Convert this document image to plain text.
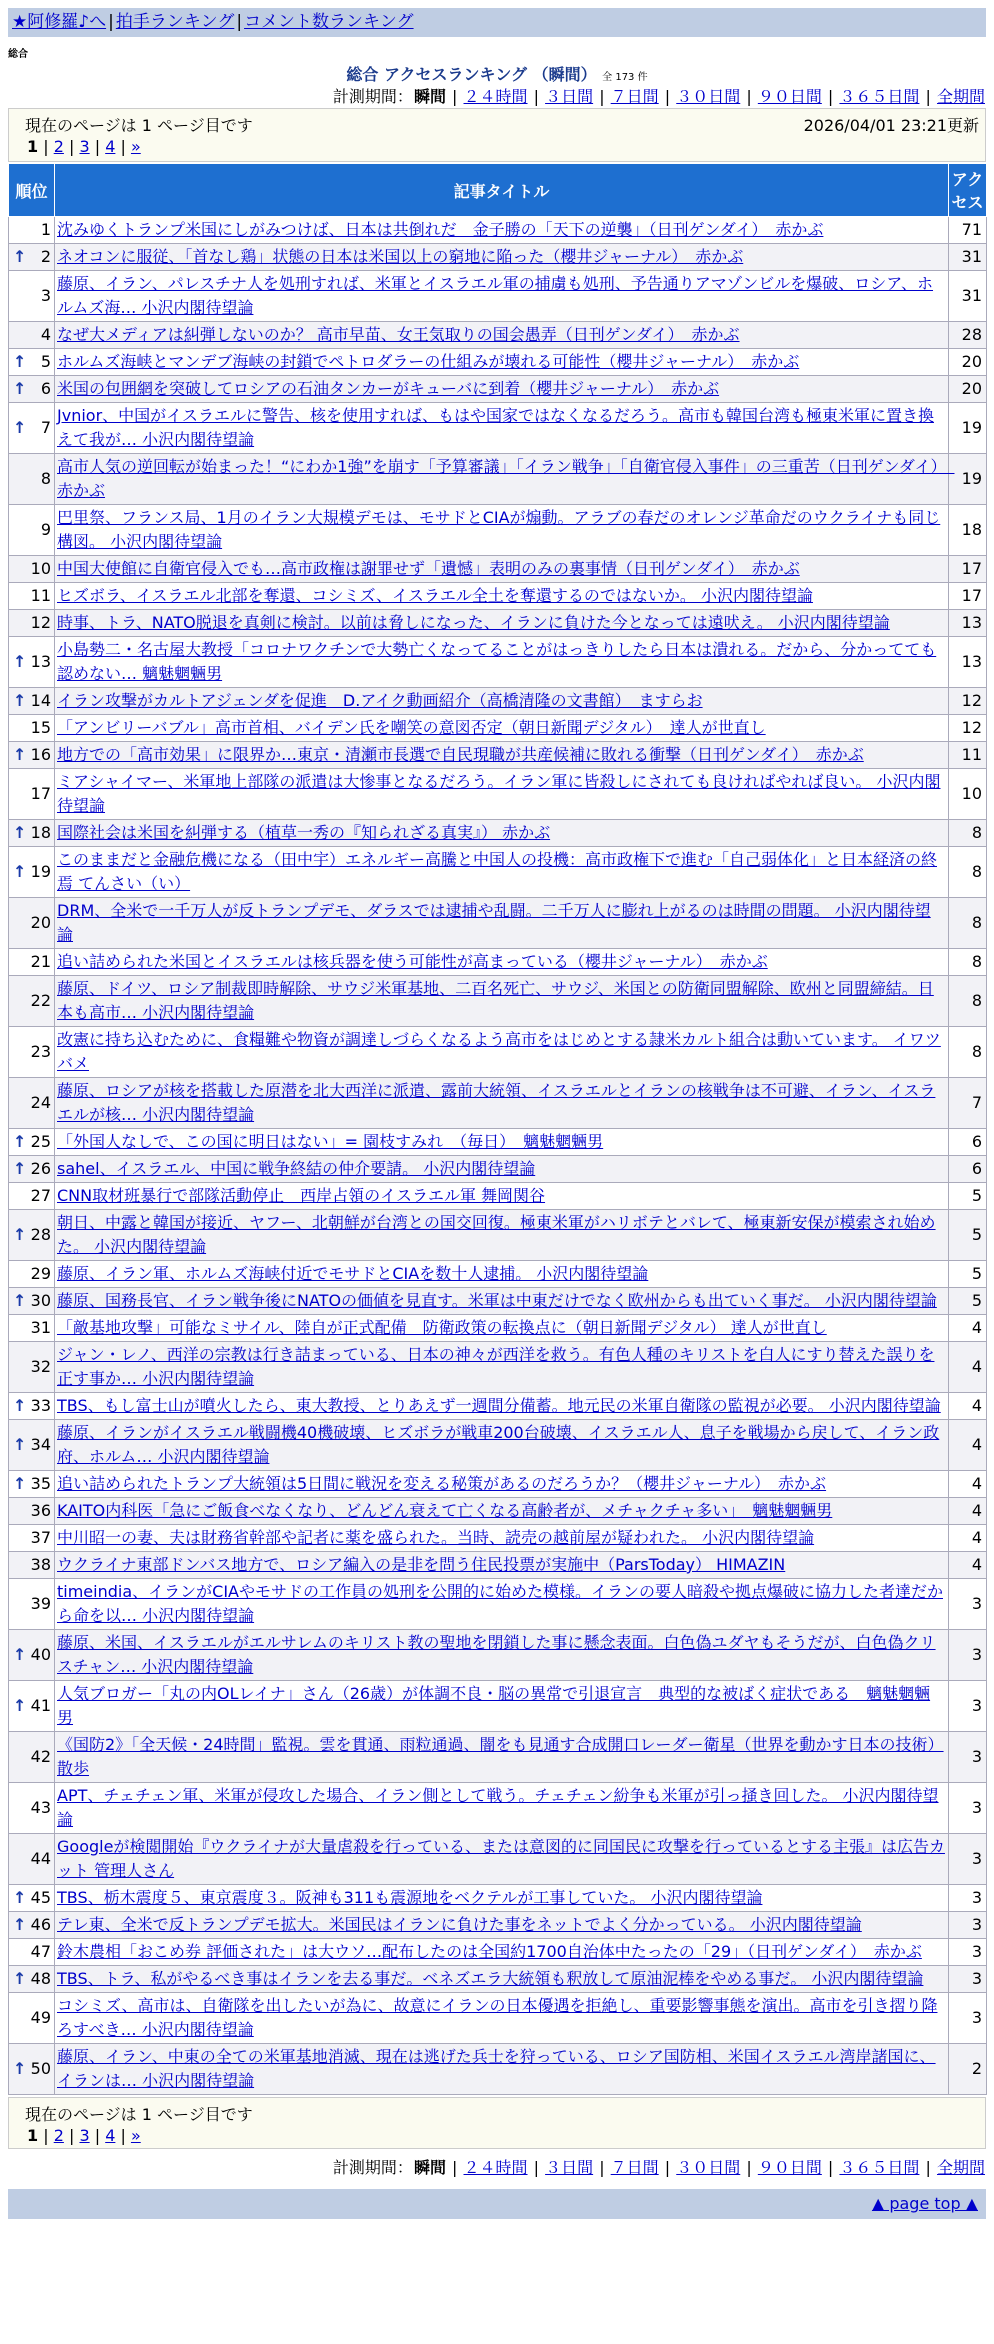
★阿修羅♪へ | 拍手ランキング | コメント数ランキング
総合
総合 アクセスランキング （瞬間） 全 173 件
計測期間：瞬間 | ２４時間 | ３日間 | ７日間 | ３０日間 | ９０日間 | ３６５日間 | 全期間
現在のページは 1 ページ目です	2026/04/01 23:21更新
1 | 2 | 3 | 4 | »
順位	記事タイトル	アクセス
1	沈みゆくトランプ米国にしがみつけば、日本は共倒れだ　金子勝の「天下の逆襲」（日刊ゲンダイ）　赤かぶ	71

↑ 2	ネオコンに服従、「首なし鶏」状態の日本は米国以上の窮地に陥った（櫻井ジャーナル）　赤かぶ	31
3	藤原、イラン、パレスチナ人を処刑すれば、米軍とイスラエル軍の捕虜も処刑、予告通りアマゾンビルを爆破、ロシア、ホルムズ海… 小沢内閣待望論	31
4	なぜ大メディアは糾弾しないのか？ 高市早苗、女王気取りの国会愚弄（日刊ゲンダイ）　赤かぶ	28

↑ 5	ホルムズ海峡とマンデブ海峡の封鎖でペトロダラーの仕組みが壊れる可能性（櫻井ジャーナル）　赤かぶ	20

↑ 6	米国の包囲網を突破してロシアの石油タンカーがキューバに到着（櫻井ジャーナル）　赤かぶ	20

↑ 7	Jvnior、中国がイスラエルに警告、核を使用すれば、もはや国家ではなくなるだろう。高市も韓国台湾も極東米軍に置き換えて我が… 小沢内閣待望論	19
8	高市人気の逆回転が始まった！“にわか1強”を崩す「予算審議」「イラン戦争」「自衛官侵入事件」の三重苦（日刊ゲンダイ）　赤かぶ	19
9	巴里祭、フランス局、1月のイラン大規模デモは、モサドとCIAが煽動。アラブの春だのオレンジ革命だのウクライナも同じ構図。 小沢内閣待望論	18
10	中国大使館に自衛官侵入でも…高市政権は謝罪せず「遺憾」表明のみの裏事情（日刊ゲンダイ）　赤かぶ	17
11	ヒズボラ、イスラエル北部を奪還、コシミズ、イスラエル全土を奪還するのではないか。 小沢内閣待望論	17
12	時事、トラ、NATO脱退を真剣に検討。以前は脅しになった、イランに負けた今となっては遠吠え。 小沢内閣待望論	13

↑ 13	小島勢二・名古屋大教授「コロナワクチンで大勢亡くなってることがはっきりしたら日本は潰れる。だから、分かってても認めない… 魑魅魍魎男	13

↑ 14	イラン攻撃がカルトアジェンダを促進　D.アイク動画紹介（高橋清隆の文書館）　ますらお	12
15	「アンビリーバブル」高市首相、バイデン氏を嘲笑の意図否定（朝日新聞デジタル）　達人が世直し	12

↑ 16	地方での「高市効果」に限界か…東京・清瀬市長選で自民現職が共産候補に敗れる衝撃（日刊ゲンダイ）　赤かぶ	11
17	ミアシャイマー、米軍地上部隊の派遣は大惨事となるだろう。イラン軍に皆殺しにされても良ければやれば良い。 小沢内閣待望論	10

↑ 18	国際社会は米国を糾弾する（植草一秀の『知られざる真実』） 赤かぶ	8

↑ 19	このままだと金融危機になる（田中宇）エネルギー高騰と中国人の投機：高市政権下で進む「自己弱体化」と日本経済の終焉 てんさい（い）	8
20	DRM、全米で一千万人が反トランプデモ、ダラスでは逮捕や乱闘。二千万人に膨れ上がるのは時間の問題。 小沢内閣待望論	8
21	追い詰められた米国とイスラエルは核兵器を使う可能性が高まっている（櫻井ジャーナル）　赤かぶ	8
22	藤原、ドイツ、ロシア制裁即時解除、サウジ米軍基地、二百名死亡、サウジ、米国との防衛同盟解除、欧州と同盟締結。日本も高市… 小沢内閣待望論	8
23	改憲に持ち込むために、食糧難や物資が調達しづらくなるよう高市をはじめとする隷米カルト組合は動いています。 イワツバメ	8
24	藤原、ロシアが核を搭載した原潜を北大西洋に派遣、露前大統領、イスラエルとイランの核戦争は不可避、イラン、イスラエルが核… 小沢内閣待望論	7

↑ 25	「外国人なしで、この国に明日はない」= 園枝すみれ　（毎日）　魑魅魍魎男	6

↑ 26	sahel、イスラエル、中国に戦争終結の仲介要請。 小沢内閣待望論	6
27	CNN取材班暴行で部隊活動停止　西岸占領のイスラエル軍 舞岡関谷	5

↑ 28	朝日、中露と韓国が接近、ヤフー、北朝鮮が台湾との国交回復。極東米軍がハリボテとバレて、極東新安保が模索され始めた。 小沢内閣待望論	5
29	藤原、イラン軍、ホルムズ海峡付近でモサドとCIAを数十人逮捕。 小沢内閣待望論	5

↑ 30	藤原、国務長官、イラン戦争後にNATOの価値を見直す。米軍は中東だけでなく欧州からも出ていく事だ。 小沢内閣待望論	5
31	「敵基地攻撃」可能なミサイル、陸自が正式配備　防衛政策の転換点に（朝日新聞デジタル） 達人が世直し	4
32	ジャン・レノ、西洋の宗教は行き詰まっている、日本の神々が西洋を救う。有色人種のキリストを白人にすり替えた誤りを正す事か… 小沢内閣待望論	4

↑ 33	TBS、もし富士山が噴火したら、東大教授、とりあえず一週間分備蓄。地元民の米軍自衛隊の監視が必要。 小沢内閣待望論	4

↑ 34	藤原、イランがイスラエル戦闘機40機破壊、ヒズボラが戦車200台破壊、イスラエル人、息子を戦場から戻して、イラン政府、ホルム… 小沢内閣待望論	4

↑ 35	追い詰められたトランプ大統領は5日間に戦況を変える秘策があるのだろうか？（櫻井ジャーナル）　赤かぶ	4
36	KAITO内科医「急にご飯食べなくなり、どんどん衰えて亡くなる高齢者が、メチャクチャ多い」　魑魅魍魎男	4
37	中川昭一の妻、夫は財務省幹部や記者に薬を盛られた。当時、読売の越前屋が疑われた。 小沢内閣待望論	4
38	ウクライナ東部ドンバス地方で、ロシア編入の是非を問う住民投票が実施中（ParsToday） HIMAZIN	4
39	timeindia、イランがCIAやモサドの工作員の処刑を公開的に始めた模様。イランの要人暗殺や拠点爆破に協力した者達だから命を以… 小沢内閣待望論	3

↑ 40	藤原、米国、イスラエルがエルサレムのキリスト教の聖地を閉鎖した事に懸念表面。白色偽ユダヤもそうだが、白色偽クリスチャン… 小沢内閣待望論	3

↑ 41	人気ブロガー「丸の内OLレイナ」さん（26歳）が体調不良・脳の異常で引退宣言　典型的な被ばく症状である　魑魅魍魎男	3
42	《国防2》「全天候・24時間」監視。雲を貫通、雨粒通過、闇をも見通す合成開口レーダー衛星（世界を動かす日本の技術） 散歩	3
43	APT、チェチェン軍、米軍が侵攻した場合、イラン側として戦う。チェチェン紛争も米軍が引っ掻き回した。 小沢内閣待望論	3
44	Googleが検閲開始『ウクライナが大量虐殺を行っている、または意図的に同国民に攻撃を行っているとする主張』は広告カット 管理人さん	3

↑ 45	TBS、栃木震度５、東京震度３。阪神も311も震源地をベクテルが工事していた。 小沢内閣待望論	3

↑ 46	テレ東、全米で反トランプデモ拡大。米国民はイランに負けた事をネットでよく分かっている。 小沢内閣待望論	3
47	鈴木農相「おこめ券 評価された」は大ウソ…配布したのは全国約1700自治体中たったの「29」（日刊ゲンダイ）　赤かぶ	3

↑ 48	TBS、トラ、私がやるべき事はイランを去る事だ。ベネズエラ大統領も釈放して原油泥棒をやめる事だ。 小沢内閣待望論	3
49	コシミズ、高市は、自衛隊を出したいが為に、故意にイランの日本優遇を拒絶し、重要影響事態を演出。高市を引き摺り降ろすべき… 小沢内閣待望論	3

↑ 50	藤原、イラン、中東の全ての米軍基地消滅、現在は逃げた兵士を狩っている、ロシア国防相、米国イスラエル湾岸諸国に、イランは… 小沢内閣待望論	2
現在のページは 1 ページ目です
1 | 2 | 3 | 4 | »
計測期間：瞬間 | ２４時間 | ３日間 | ７日間 | ３０日間 | ９０日間 | ３６５日間 | 全期間
▲ page top ▲
